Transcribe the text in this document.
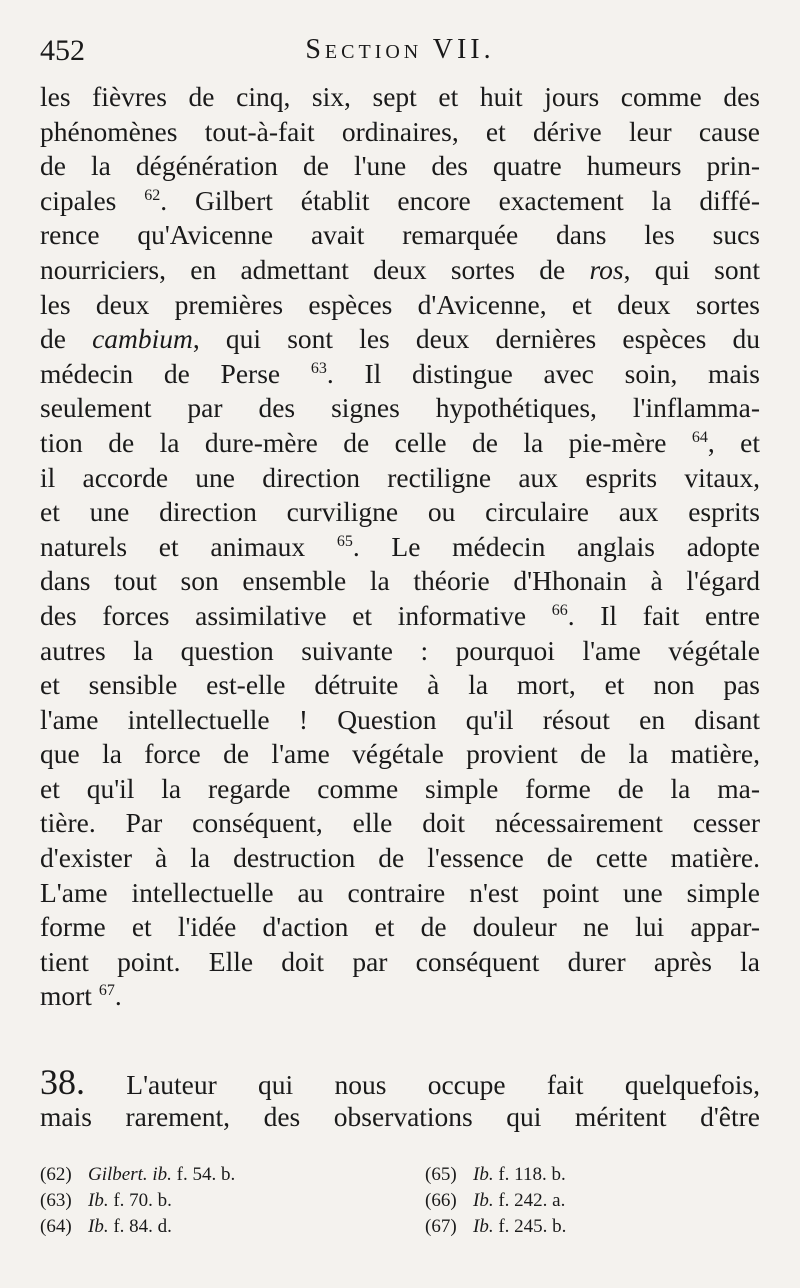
452	Section VII.
les fièvres de cinq, six, sept et huit jours comme des
phénomènes tout-à-fait ordinaires, et dérive leur cause
de la dégénération de l'une des quatre humeurs prin-
cipales $^{62}$. Gilbert établit encore exactement la diffé-
rence qu'Avicenne avait remarquée dans les sucs
nourriciers, en admettant deux sortes de ros, qui sont
les deux premières espèces d'Avicenne, et deux sortes
de cambium, qui sont les deux dernières espèces du
médecin de Perse $^{63}$. Il distingue avec soin, mais
seulement par des signes hypothétiques, l'inflamma-
tion de la dure-mère de celle de la pie-mère $^{64}$, et
il accorde une direction rectiligne aux esprits vitaux,
et une direction curviligne ou circulaire aux esprits
naturels et animaux $^{65}$. Le médecin anglais adopte
dans tout son ensemble la théorie d'Hhonain à l'égard
des forces assimilative et informative $^{66}$. Il fait entre
autres la question suivante : pourquoi l'ame végétale
et sensible est-elle détruite à la mort, et non pas
l'ame intellectuelle ! Question qu'il résout en disant
que la force de l'ame végétale provient de la matière,
et qu'il la regarde comme simple forme de la ma-
tière. Par conséquent, elle doit nécessairement cesser
d'exister à la destruction de l'essence de cette matière.
L'ame intellectuelle au contraire n'est point une simple
forme et l'idée d'action et de douleur ne lui appar-
tient point. Elle doit par conséquent durer après la
mort $^{67}$.
38. L'auteur qui nous occupe fait quelquefois,
mais rarement, des observations qui méritent d'être
(62) Gilbert. ib. f. 54. b.
(63) Ib. f. 70. b.
(64) Ib. f. 84. d.
(65) Ib. f. 118. b.
(66) Ib. f. 242. a.
(67) Ib. f. 245. b.
